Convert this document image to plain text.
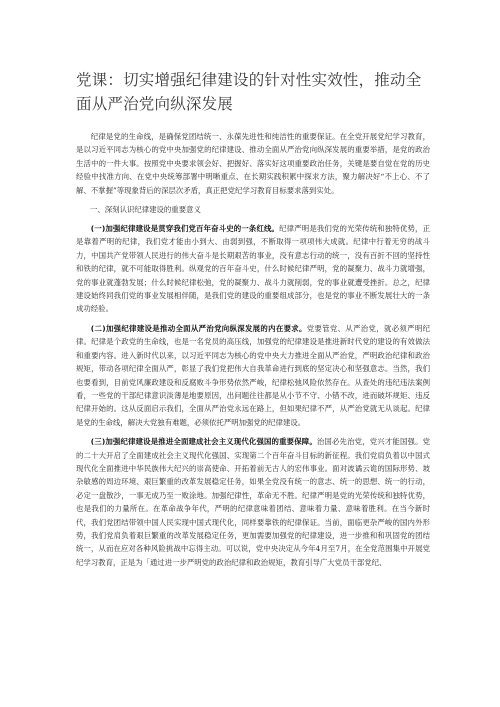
党课：切实增强纪律建设的针对性实效性，推动全面从严治党向纵深发展

纪律是党的生命线，是确保党团结统一、永葆先进性和纯洁性的重要保证。在全党开展党纪学习教育，是以习近平同志为核心的党中央加强党的纪律建设、推动全面从严治党向纵深发展的重要举措，是党的政治生活中的一件大事。按照党中央要求领会好、把握好、落实好这项重要政治任务，关键是要自觉在党的历史经验中找准方向、在党中央统筹部署中明晰重点、在长期实践积累中探求方法，聚力解决好“不上心、不了解、不掌握”等现象背后的深层次矛盾，真正把党纪学习教育目标要求落到实处。

一、深刻认识纪律建设的重要意义

(一)加强纪律建设是贯穿我们党百年奋斗史的一条红线。纪律严明是我们党的光荣传统和独特优势，正是靠着严明的纪律，我们党才能由小到大、由弱到强，不断取得一项项伟大成就。纪律中行着无穷的战斗力，中国共产党带领人民进行的伟大奋斗是长期艰苦的事业，没有意志行动的统一，没有百折不回的坚持性和铁的纪律，就不可能取得胜利。纵观党的百年奋斗史，什么时候纪律严明，党的凝聚力、战斗力就增强，党的事业就蓬勃发展；什么时候纪律松弛，党的凝聚力、战斗力就削弱，党的事业就遭受挫折。总之，纪律建设始终同我们党的事业发展相伴随，是我们党的建设的重要组成部分，也是党的事业不断发展壮大的一条成功经验。

(二)加强纪律建设是推动全面从严治党向纵深发展的内在要求。党要管党、从严治党，就必须严明纪律。纪律是个政党的生命线，也是一名党员的高压线，加强党的纪律建设是推进新时代党的建设的有效做法和重要内容。进入新时代以来，以习近平同志为核心的党中央大力推进全面从严治党，严明政治纪律和政治规矩，带动各项纪律全面从严，彰显了我们党把伟大自我革命进行到底的坚定决心和坚强意志。当然，我们也要看到，目前党风廉政建设和反腐败斗争形势依然严峻，纪律松弛风险依然存在。从查处的违纪违法案例看，一些党的干部纪律意识淡薄是地要原因，出问题往往都是从小节不守、小错不改，进而破坏规矩、违反纪律开始的。这从反面启示我们，全面从严治党永远在路上，但如果纪律不严，从严治党就无从谈起。纪律是党的生命线，解决大党独有难题，必须依托严明加强党的纪律建设。

(三)加强纪律建设是推进全面建成社会主义现代化强国的重要保障。治国必先治党，党兴才能国强。党的二十大开启了全面建成社会主义现代化强国、实现第二个百年奋斗目标的新征程。我们党肩负着以中国式现代化全面推进中华民族伟大纪兴的崇高使命、开拓着前无古人的宏伟事业。面对波谲云诡的国际形势、坡杂敏感的周边环境、艰巨繁重的改革发展稳定任务，如果全党没有统一的意志、统一的思想、统一的行动，必定一盘散沙，一事无成乃至一败涂地。加强纪律性，革命无不胜。纪律严明是党的光荣传统和独特优势，也是我们的力量所在。在革命战争年代，严明的纪律意味着团结、意味着力量、意味着胜利。在当今新时代，我们党团结带领中国人民实现中国式现代化，同样要靠铁的纪律保证。当前，面临更杂严峻的国内外形势，我们党肩负着艰巨繁重的改革发展稳定任务，更加需要加强党的纪律建设，进一步推和和巩固党的团结统一，从而在应对各种风险挑战中忘得主动。可以说，党中央决定从今年4月至7月，在全党范围集中开展党纪学习教育，正是为「通过进一步严明党的政治纪律和政治规矩，教育引导广大党员干部党纪、
